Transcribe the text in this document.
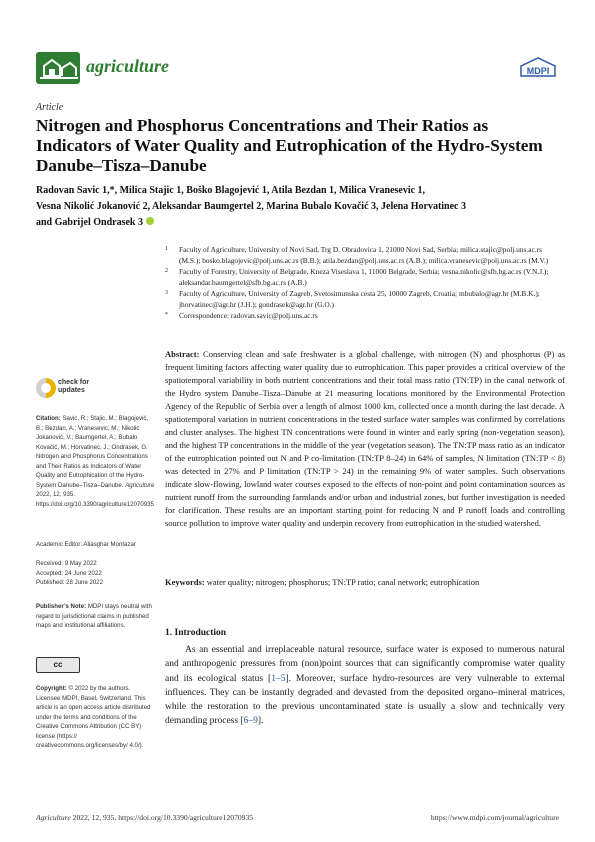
agriculture	MDPI
Article
Nitrogen and Phosphorus Concentrations and Their Ratios as Indicators of Water Quality and Eutrophication of the Hydro-System Danube–Tisza–Danube
Radovan Savic 1,*, Milica Stajic 1, Boško Blagojević 1, Atila Bezdan 1, Milica Vranesevic 1,
Vesna Nikolić Jokanović 2, Aleksandar Baumgertel 2, Marina Bubalo Kovačić 3, Jelena Horvatinec 3
and Gabrijel Ondrasek 3
1 Faculty of Agriculture, University of Novi Sad, Trg D. Obradovica 1, 21000 Novi Sad, Serbia; milica.stajic@polj.uns.ac.rs (M.S.); bosko.blagojevic@polj.uns.ac.rs (B.B.); atila.bezdan@polj.uns.ac.rs (A.B.); milica.vranesevic@polj.uns.ac.rs (M.V.)
2 Faculty of Forestry, University of Belgrade, Kneza Viseslava 1, 11000 Belgrade, Serbia; vesna.nikolic@sfb.bg.ac.rs (V.N.J.); aleksandar.baumgertel@sfb.bg.ac.rs (A.B.)
3 Faculty of Agriculture, University of Zagreb, Svetosimunska cesta 25, 10000 Zagreb, Croatia; mbubalo@agr.hr (M.B.K.); jhorvatinec@agr.hr (J.H.); gondrasek@agr.hr (G.O.)
* Correspondence: radovan.savic@polj.uns.ac.rs
Abstract: Conserving clean and safe freshwater is a global challenge, with nitrogen (N) and phosphorus (P) as frequent limiting factors affecting water quality due to eutrophication. This paper provides a critical overview of the spatiotemporal variability in both nutrient concentrations and their total mass ratio (TN:TP) in the canal network of the Hydro system Danube–Tisza–Danube at 21 measuring locations monitored by the Environmental Protection Agency of the Republic of Serbia over a length of almost 1000 km, collected once a month during the last decade. A spatiotemporal variation in nutrient concentrations in the tested surface water samples was confirmed by correlations and cluster analyses. The highest TN concentrations were found in winter and early spring (non-vegetation season), and the highest TP concentrations in the middle of the year (vegetation season). The TN:TP mass ratio as an indicator of the eutrophication pointed out N and P co-limitation (TN:TP 8–24) in 64% of samples, N limitation (TN:TP < 8) was detected in 27% and P limitation (TN:TP > 24) in the remaining 9% of water samples. Such observations indicate slow-flowing, lowland water courses exposed to the effects of non-point and point contamination sources as nutrient runoff from the surrounding farmlands and/or urban and industrial zones, but further investigation is needed for clarification. These results are an important starting point for reducing N and P runoff loads and controlling source pollution to improve water quality and underpin recovery from eutrophication in the studied watershed.
Keywords: water quality; nitrogen; phosphorus; TN:TP ratio; canal network; eutrophication
1. Introduction
As an essential and irreplaceable natural resource, surface water is exposed to numerous natural and anthropogenic pressures from (non)point sources that can significantly compromise water quality and its ecological status [1–5]. Moreover, surface hydro-resources are very vulnerable to external influences. They can be instantly degraded and devasted from the deposited organo–mineral matrices, while the restoration to the previous uncontaminated state is usually a slow and technically very demanding process [6–9].
check for
updates
Citation: Savic, R.; Stajic, M.; Blagojević, B.; Bezdan, A.; Vranesevic, M.; Nikolić Jokanović, V.; Baumgertel, A.; Bubalo Kovačić, M.; Horvatinec, J.; Ondrasek, G. Nitrogen and Phosphorus Concentrations and Their Ratios as Indicators of Water Quality and Eutrophication of the Hydro-System Danube–Tisza–Danube. Agriculture 2022, 12, 935. https://doi.org/10.3390/agriculture12070935
Academic Editor: Aliasghar Montazar
Received: 9 May 2022
Accepted: 24 June 2022
Published: 28 June 2022
Publisher’s Note: MDPI stays neutral with regard to jurisdictional claims in published maps and institutional affiliations.
cc
Copyright: © 2022 by the authors. Licensee MDPI, Basel, Switzerland. This article is an open access article distributed under the terms and conditions of the Creative Commons Attribution (CC BY) license (https:// creativecommons.org/licenses/by/ 4.0/).
Agriculture 2022, 12, 935. https://doi.org/10.3390/agriculture12070935	https://www.mdpi.com/journal/agriculture
